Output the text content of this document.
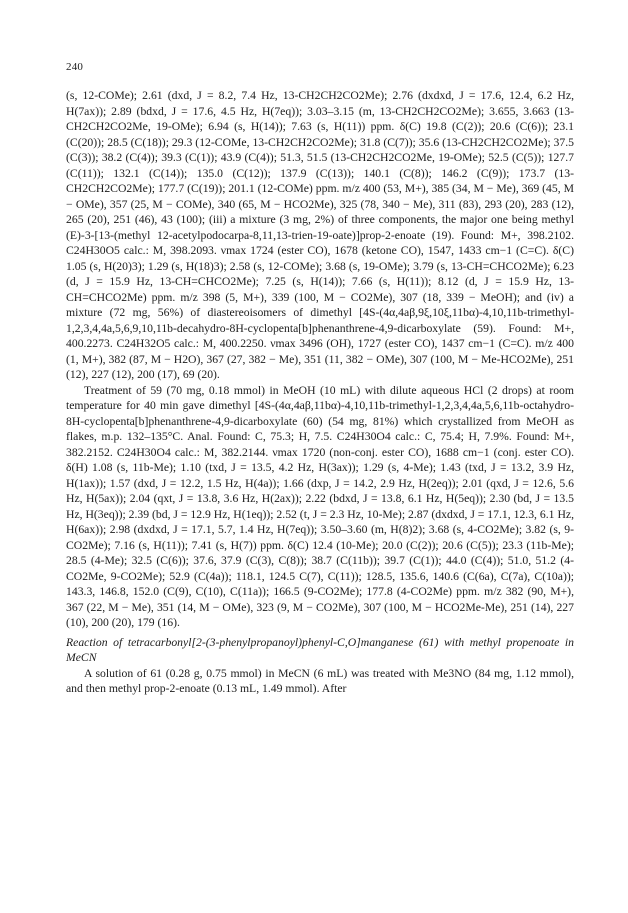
240

(s, 12-COMe); 2.61 (dxd, J = 8.2, 7.4 Hz, 13-CH2CH2CO2Me); 2.76 (dxdxd, J = 17.6, 12.4, 6.2 Hz, H(7ax)); 2.89 (bdxd, J = 17.6, 4.5 Hz, H(7eq)); 3.03–3.15 (m, 13-CH2CH2CO2Me); 3.655, 3.663 (13-CH2CH2CO2Me, 19-OMe); 6.94 (s, H(14)); 7.63 (s, H(11)) ppm. δ(C) 19.8 (C(2)); 20.6 (C(6)); 23.1 (C(20)); 28.5 (C(18)); 29.3 (12-COMe, 13-CH2CH2CO2Me); 31.8 (C(7)); 35.6 (13-CH2CH2CO2Me); 37.5 (C(3)); 38.2 (C(4)); 39.3 (C(1)); 43.9 (C(4)); 51.3, 51.5 (13-CH2CH2CO2Me, 19-OMe); 52.5 (C(5)); 127.7 (C(11)); 132.1 (C(14)); 135.0 (C(12)); 137.9 (C(13)); 140.1 (C(8)); 146.2 (C(9)); 173.7 (13-CH2CH2CO2Me); 177.7 (C(19)); 201.1 (12-COMe) ppm. m/z 400 (53, M+), 385 (34, M − Me), 369 (45, M − OMe), 357 (25, M − COMe), 340 (65, M − HCO2Me), 325 (78, 340 − Me), 311 (83), 293 (20), 283 (12), 265 (20), 251 (46), 43 (100); (iii) a mixture (3 mg, 2%) of three components, the major one being methyl (E)-3-[13-(methyl 12-acetylpodocarpa-8,11,13-trien-19-oate)]prop-2-enoate (19). Found: M+, 398.2102. C24H30O5 calc.: M, 398.2093. νmax 1724 (ester CO), 1678 (ketone CO), 1547, 1433 cm−1 (C=C). δ(C) 1.05 (s, H(20)3); 1.29 (s, H(18)3); 2.58 (s, 12-COMe); 3.68 (s, 19-OMe); 3.79 (s, 13-CH=CHCO2Me); 6.23 (d, J = 15.9 Hz, 13-CH=CHCO2Me); 7.25 (s, H(14)); 7.66 (s, H(11)); 8.12 (d, J = 15.9 Hz, 13-CH=CHCO2Me) ppm. m/z 398 (5, M+), 339 (100, M − CO2Me), 307 (18, 339 − MeOH); and (iv) a mixture (72 mg, 56%) of diastereoisomers of dimethyl [4S-(4α,4aβ,9ξ,10ξ,11bα)-4,10,11b-trimethyl-1,2,3,4,4a,5,6,9,10,11b-decahydro-8H-cyclopenta[b]phenanthrene-4,9-dicarboxylate (59). Found: M+, 400.2273. C24H32O5 calc.: M, 400.2250. νmax 3496 (OH), 1727 (ester CO), 1437 cm−1 (C=C). m/z 400 (1, M+), 382 (87, M − H2O), 367 (27, 382 − Me), 351 (11, 382 − OMe), 307 (100, M − Me-HCO2Me), 251 (12), 227 (12), 200 (17), 69 (20).

Treatment of 59 (70 mg, 0.18 mmol) in MeOH (10 mL) with dilute aqueous HCl (2 drops) at room temperature for 40 min gave dimethyl [4S-(4α,4aβ,11bα)-4,10,11b-trimethyl-1,2,3,4,4a,5,6,11b-octahydro-8H-cyclopenta[b]phenanthrene-4,9-dicarboxylate (60) (54 mg, 81%) which crystallized from MeOH as flakes, m.p. 132–135°C. Anal. Found: C, 75.3; H, 7.5. C24H30O4 calc.: C, 75.4; H, 7.9%. Found: M+, 382.2152. C24H30O4 calc.: M, 382.2144. νmax 1720 (non-conj. ester CO), 1688 cm−1 (conj. ester CO). δ(H) 1.08 (s, 11b-Me); 1.10 (txd, J = 13.5, 4.2 Hz, H(3ax)); 1.29 (s, 4-Me); 1.43 (txd, J = 13.2, 3.9 Hz, H(1ax)); 1.57 (dxd, J = 12.2, 1.5 Hz, H(4a)); 1.66 (dxp, J = 14.2, 2.9 Hz, H(2eq)); 2.01 (qxd, J = 12.6, 5.6 Hz, H(5ax)); 2.04 (qxt, J = 13.8, 3.6 Hz, H(2ax)); 2.22 (bdxd, J = 13.8, 6.1 Hz, H(5eq)); 2.30 (bd, J = 13.5 Hz, H(3eq)); 2.39 (bd, J = 12.9 Hz, H(1eq)); 2.52 (t, J = 2.3 Hz, 10-Me); 2.87 (dxdxd, J = 17.1, 12.3, 6.1 Hz, H(6ax)); 2.98 (dxdxd, J = 17.1, 5.7, 1.4 Hz, H(7eq)); 3.50–3.60 (m, H(8)2); 3.68 (s, 4-CO2Me); 3.82 (s, 9-CO2Me); 7.16 (s, H(11)); 7.41 (s, H(7)) ppm. δ(C) 12.4 (10-Me); 20.0 (C(2)); 20.6 (C(5)); 23.3 (11b-Me); 28.5 (4-Me); 32.5 (C(6)); 37.6, 37.9 (C(3), C(8)); 38.7 (C(11b)); 39.7 (C(1)); 44.0 (C(4)); 51.0, 51.2 (4-CO2Me, 9-CO2Me); 52.9 (C(4a)); 118.1, 124.5 C(7), C(11)); 128.5, 135.6, 140.6 (C(6a), C(7a), C(10a)); 143.3, 146.8, 152.0 (C(9), C(10), C(11a)); 166.5 (9-CO2Me); 177.8 (4-CO2Me) ppm. m/z 382 (90, M+), 367 (22, M − Me), 351 (14, M − OMe), 323 (9, M − CO2Me), 307 (100, M − HCO2Me-Me), 251 (14), 227 (10), 200 (20), 179 (16).

Reaction of tetracarbonyl[2-(3-phenylpropanoyl)phenyl-C,O]manganese (61) with methyl propenoate in MeCN

A solution of 61 (0.28 g, 0.75 mmol) in MeCN (6 mL) was treated with Me3NO (84 mg, 1.12 mmol), and then methyl prop-2-enoate (0.13 mL, 1.49 mmol). After
